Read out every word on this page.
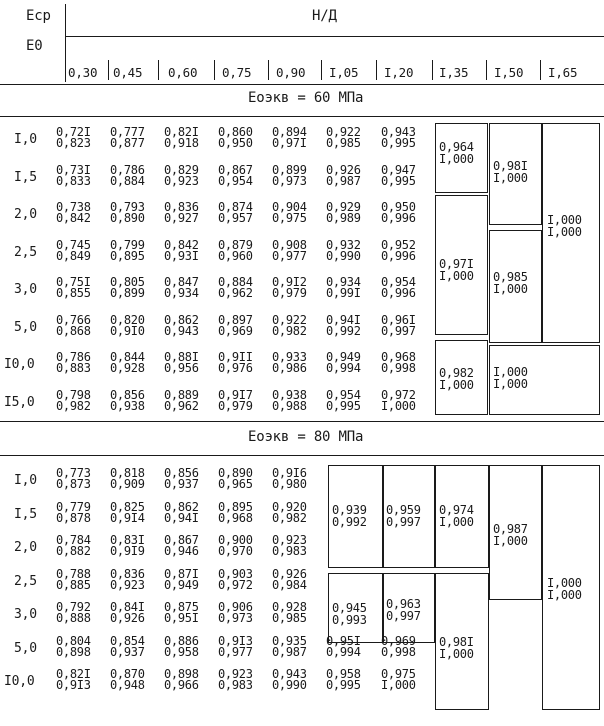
Eср
E0
Н/Д
0,30 0,45 0,60 0,75 0,90 I,05 I,20 I,35 I,50 I,65
Eоэкв = 60 МПа
I,0 0,72I
0,823
0,777
0,877
0,82I
0,918
0,860
0,950
0,894
0,97I
0,922
0,985
0,943
0,995
I,5 0,73I
0,833
0,786
0,884
0,829
0,923
0,867
0,954
0,899
0,973
0,926
0,987
0,947
0,995
2,0 0,738
0,842
0,793
0,890
0,836
0,927
0,874
0,957
0,904
0,975
0,929
0,989
0,950
0,996
2,5 0,745
0,849
0,799
0,895
0,842
0,93I
0,879
0,960
0,908
0,977
0,932
0,990
0,952
0,996
3,0 0,75I
0,855
0,805
0,899
0,847
0,934
0,884
0,962
0,9I2
0,979
0,934
0,99I
0,954
0,996
5,0 0,766
0,868
0,820
0,9I0
0,862
0,943
0,897
0,969
0,922
0,982
0,94I
0,992
0,96I
0,997
I0,0 0,786
0,883
0,844
0,928
0,88I
0,956
0,9II
0,976
0,933
0,986
0,949
0,994
0,968
0,998
I5,0 0,798
0,982
0,856
0,938
0,889
0,962
0,9I7
0,979
0,938
0,988
0,954
0,995
0,972
I,000
0,964
I,000 0,98I
I,000
I,000
I,000
0,97I
I,000 0,985
I,000
0,982
I,000
I,000
I,000
Eоэкв = 80 МПа
I,0 0,773
0,873
0,818
0,909
0,856
0,937
0,890
0,965
0,9I6
0,980
I,5 0,779
0,878
0,825
0,9I4
0,862
0,94I
0,895
0,968
0,920
0,982
2,0 0,784
0,882
0,83I
0,9I9
0,867
0,946
0,900
0,970
0,923
0,983
2,5 0,788
0,885
0,836
0,923
0,87I
0,949
0,903
0,972
0,926
0,984
3,0 0,792
0,888
0,84I
0,926
0,875
0,95I
0,906
0,973
0,928
0,985
5,0 0,804
0,898
0,854
0,937
0,886
0,958
0,9I3
0,977
0,935
0,987
0,95I
0,994
0,969
0,998
I0,0 0,82I
0,9I3
0,870
0,948
0,898
0,966
0,923
0,983
0,943
0,990
0,958
0,995
0,975
I,000
0,939
0,992
0,959
0,997
0,974
I,000 0,987
I,000
I,000
I,000
0,945
0,993
0,963
0,997
0,98I
I,000
